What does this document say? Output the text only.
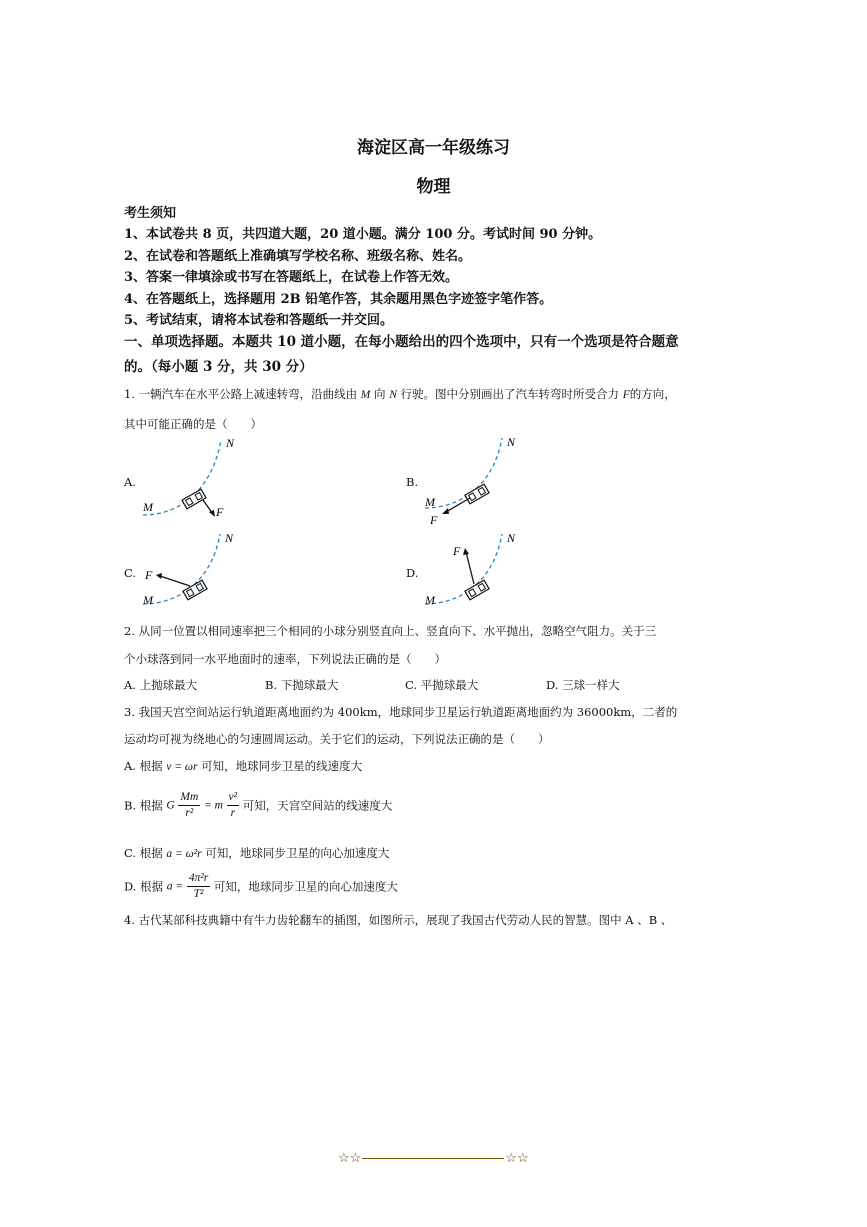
海淀区高一年级练习
物理
考生须知
1、本试卷共 8 页，共四道大题，20 道小题。满分 100 分。考试时间 90 分钟。
2、在试卷和答题纸上准确填写学校名称、班级名称、姓名。
3、答案一律填涂或书写在答题纸上，在试卷上作答无效。
4、在答题纸上，选择题用 2B 铅笔作答，其余题用黑色字迹签字笔作答。
5、考试结束，请将本试卷和答题纸一并交回。
一、单项选择题。本题共 10 道小题，在每小题给出的四个选项中，只有一个选项是符合题意
的。（每小题 3 分，共 30 分）
1. 一辆汽车在水平公路上减速转弯，沿曲线由 M 向 N 行驶。图中分别画出了汽车转弯时所受合力 F的方向，
其中可能正确的是（　　）
A.	B.
C.	D.
N
M	F
N
M
F
N
M
F
N
M
F
2. 从同一位置以相同速率把三个相同的小球分别竖直向上、竖直向下、水平抛出，忽略空气阻力。关于三
个小球落到同一水平地面时的速率，下列说法正确的是（　　）
A. 上抛球最大	B. 下抛球最大	C. 平抛球最大	D. 三球一样大
3. 我国天宫空间站运行轨道距离地面约为 400km，地球同步卫星运行轨道距离地面约为 36000km，二者的
运动均可视为绕地心的匀速圆周运动。关于它们的运动，下列说法正确的是（　　）
A. 根据 v = ωr 可知，地球同步卫星的线速度大
B. 根据 G $\frac{Mm}{\text{r²}} = m \frac{\text{v²}}{r}$ 可知，天宫空间站的线速度大
C. 根据 a = ω²r 可知，地球同步卫星的向心加速度大
D. 根据 $a = \frac{\text{4π²r}}{\text{T²}}$ 可知，地球同步卫星的向心加速度大
4. 古代某部科技典籍中有牛力齿轮翻车的插图，如图所示，展现了我国古代劳动人民的智慧。图中 A 、B 、
☆☆	☆☆
